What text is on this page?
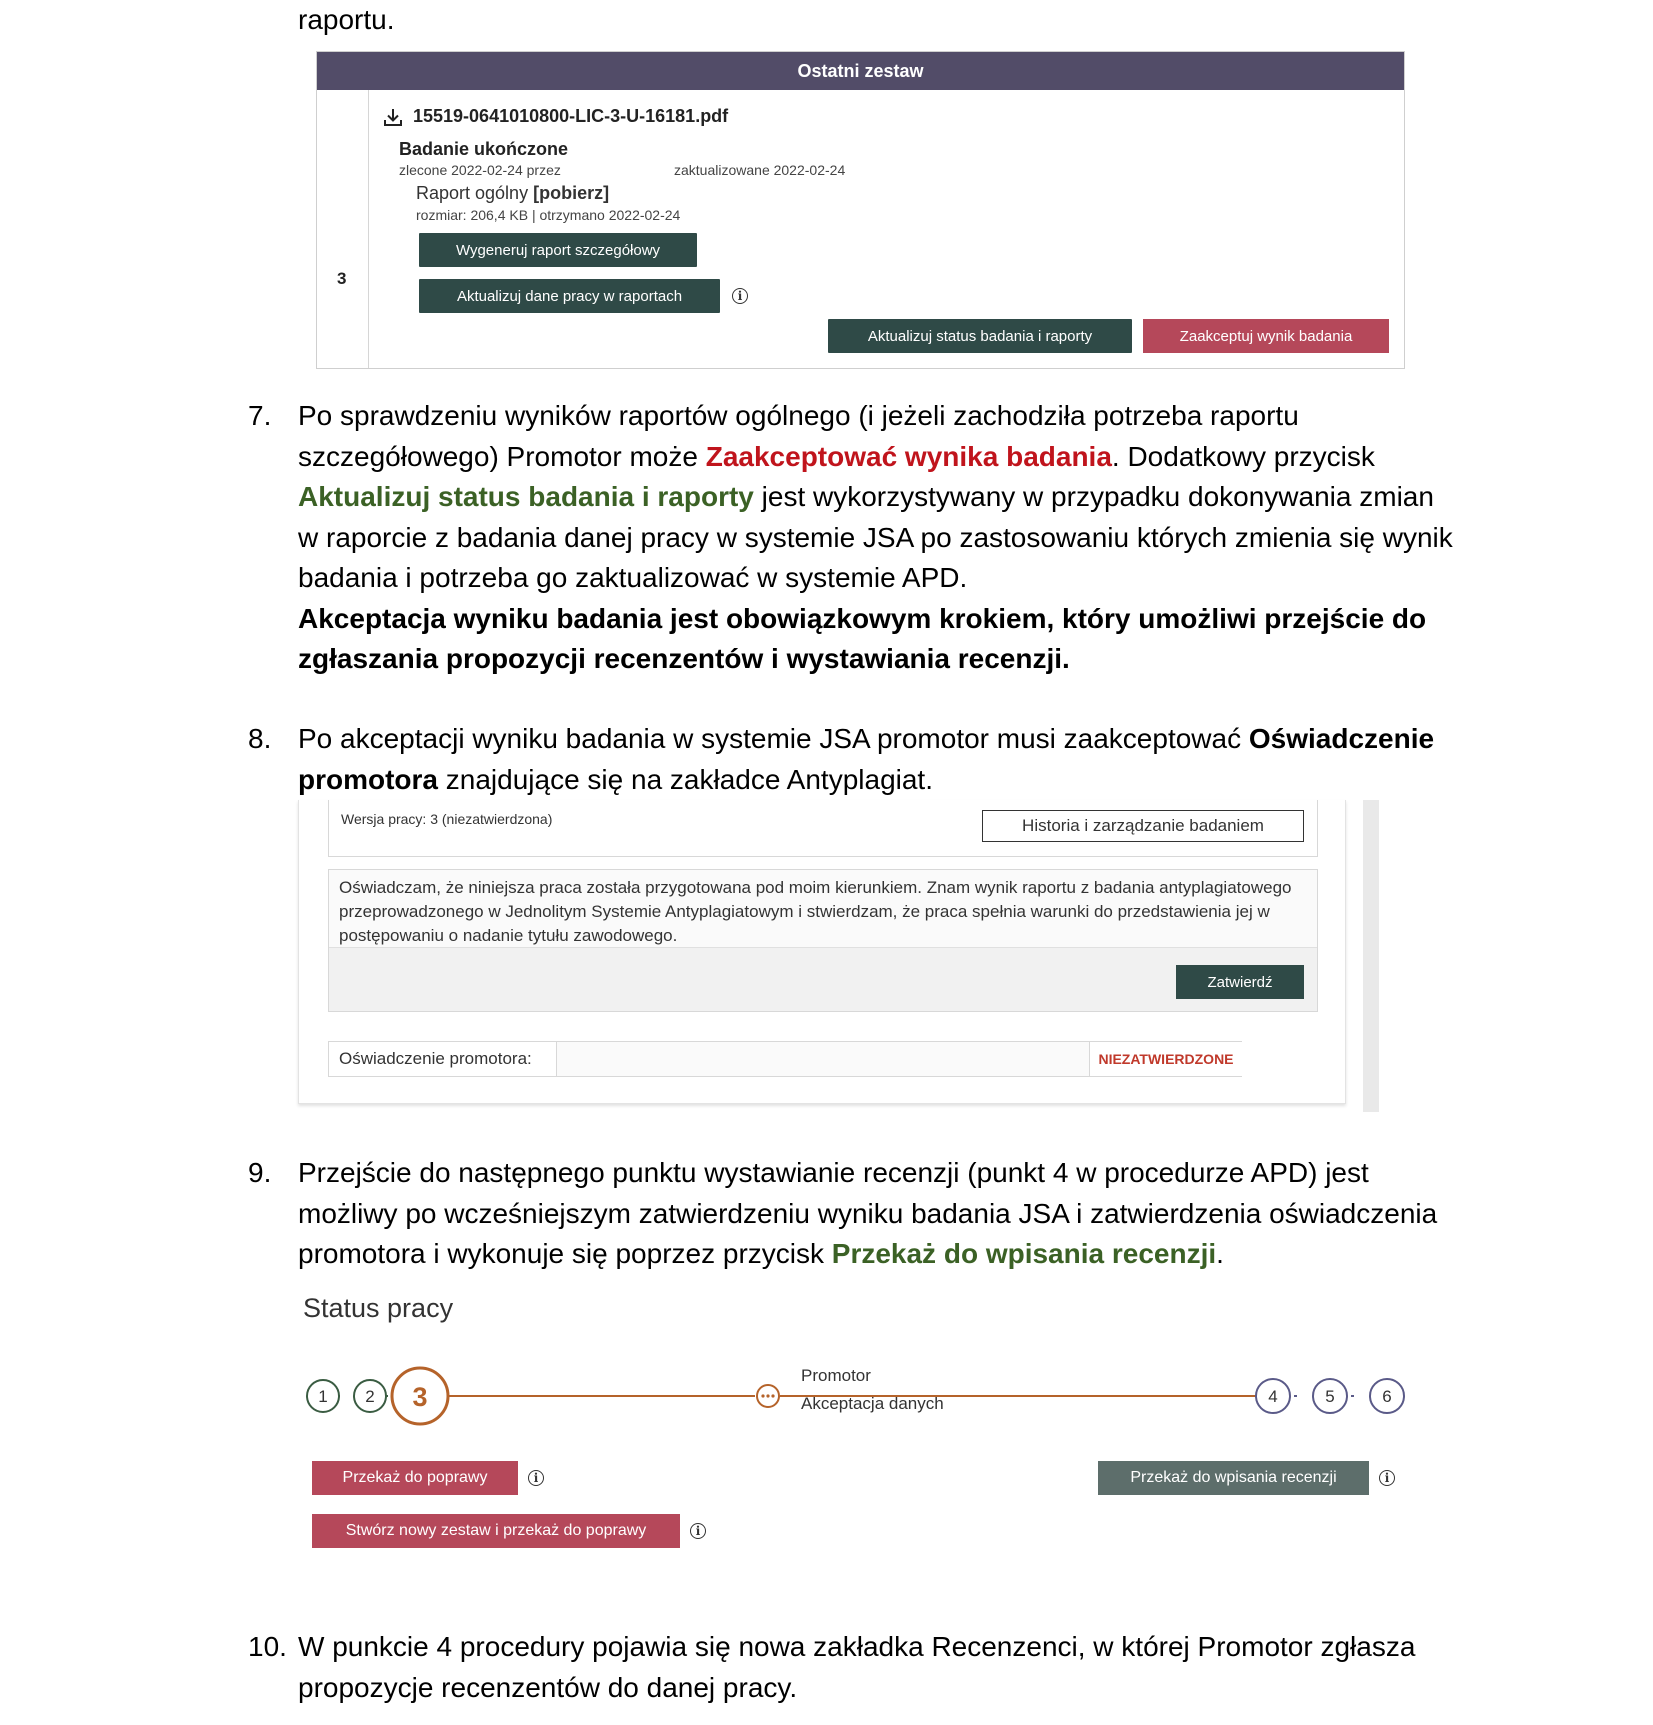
raportu.
Ostatni zestaw
3
15519-0641010800-LIC-3-U-16181.pdf
Badanie ukończone
zlecone 2022-02-24 przez	zaktualizowane 2022-02-24
Raport ogólny [pobierz]
rozmiar: 206,4 KB | otrzymano 2022-02-24
Wygeneruj raport szczegółowy
Aktualizuj dane pracy w raportach	i
Aktualizuj status badania i raporty	Zaakceptuj wynik badania
7. Po sprawdzeniu wyników raportów ogólnego (i jeżeli zachodziła potrzeba raportu szczegółowego) Promotor może Zaakceptować wynika badania. Dodatkowy przycisk Aktualizuj status badania i raporty jest wykorzystywany w przypadku dokonywania zmian w raporcie z badania danej pracy w systemie JSA po zastosowaniu których zmienia się wynik badania i potrzeba go zaktualizować w systemie APD.
Akceptacja wyniku badania jest obowiązkowym krokiem, który umożliwi przejście do zgłaszania propozycji recenzentów i wystawiania recenzji.
8. Po akceptacji wyniku badania w systemie JSA promotor musi zaakceptować Oświadczenie promotora znajdujące się na zakładce Antyplagiat.
Wersja pracy: 3 (niezatwierdzona)	Historia i zarządzanie badaniem
Oświadczam, że niniejsza praca została przygotowana pod moim kierunkiem. Znam wynik raportu z badania antyplagiatowego przeprowadzonego w Jednolitym Systemie Antyplagiatowym i stwierdzam, że praca spełnia warunki do przedstawienia jej w postępowaniu o nadanie tytułu zawodowego.
Zatwierdź
Oświadczenie promotora:	NIEZATWIERDZONE
9. Przejście do następnego punktu wystawianie recenzji (punkt 4 w procedurze APD) jest możliwy po wcześniejszym zatwierdzeniu wyniku badania JSA i zatwierdzenia oświadczenia promotora i wykonuje się poprzez przycisk Przekaż do wpisania recenzji.
Status pracy
1 2 3	4	5	6
Promotor
Akceptacja danych
Przekaż do poprawy	i
Stwórz nowy zestaw i przekaż do poprawy	i
Przekaż do wpisania recenzji	i
10. W punkcie 4 procedury pojawia się nowa zakładka Recenzenci, w której Promotor zgłasza propozycje recenzentów do danej pracy.
